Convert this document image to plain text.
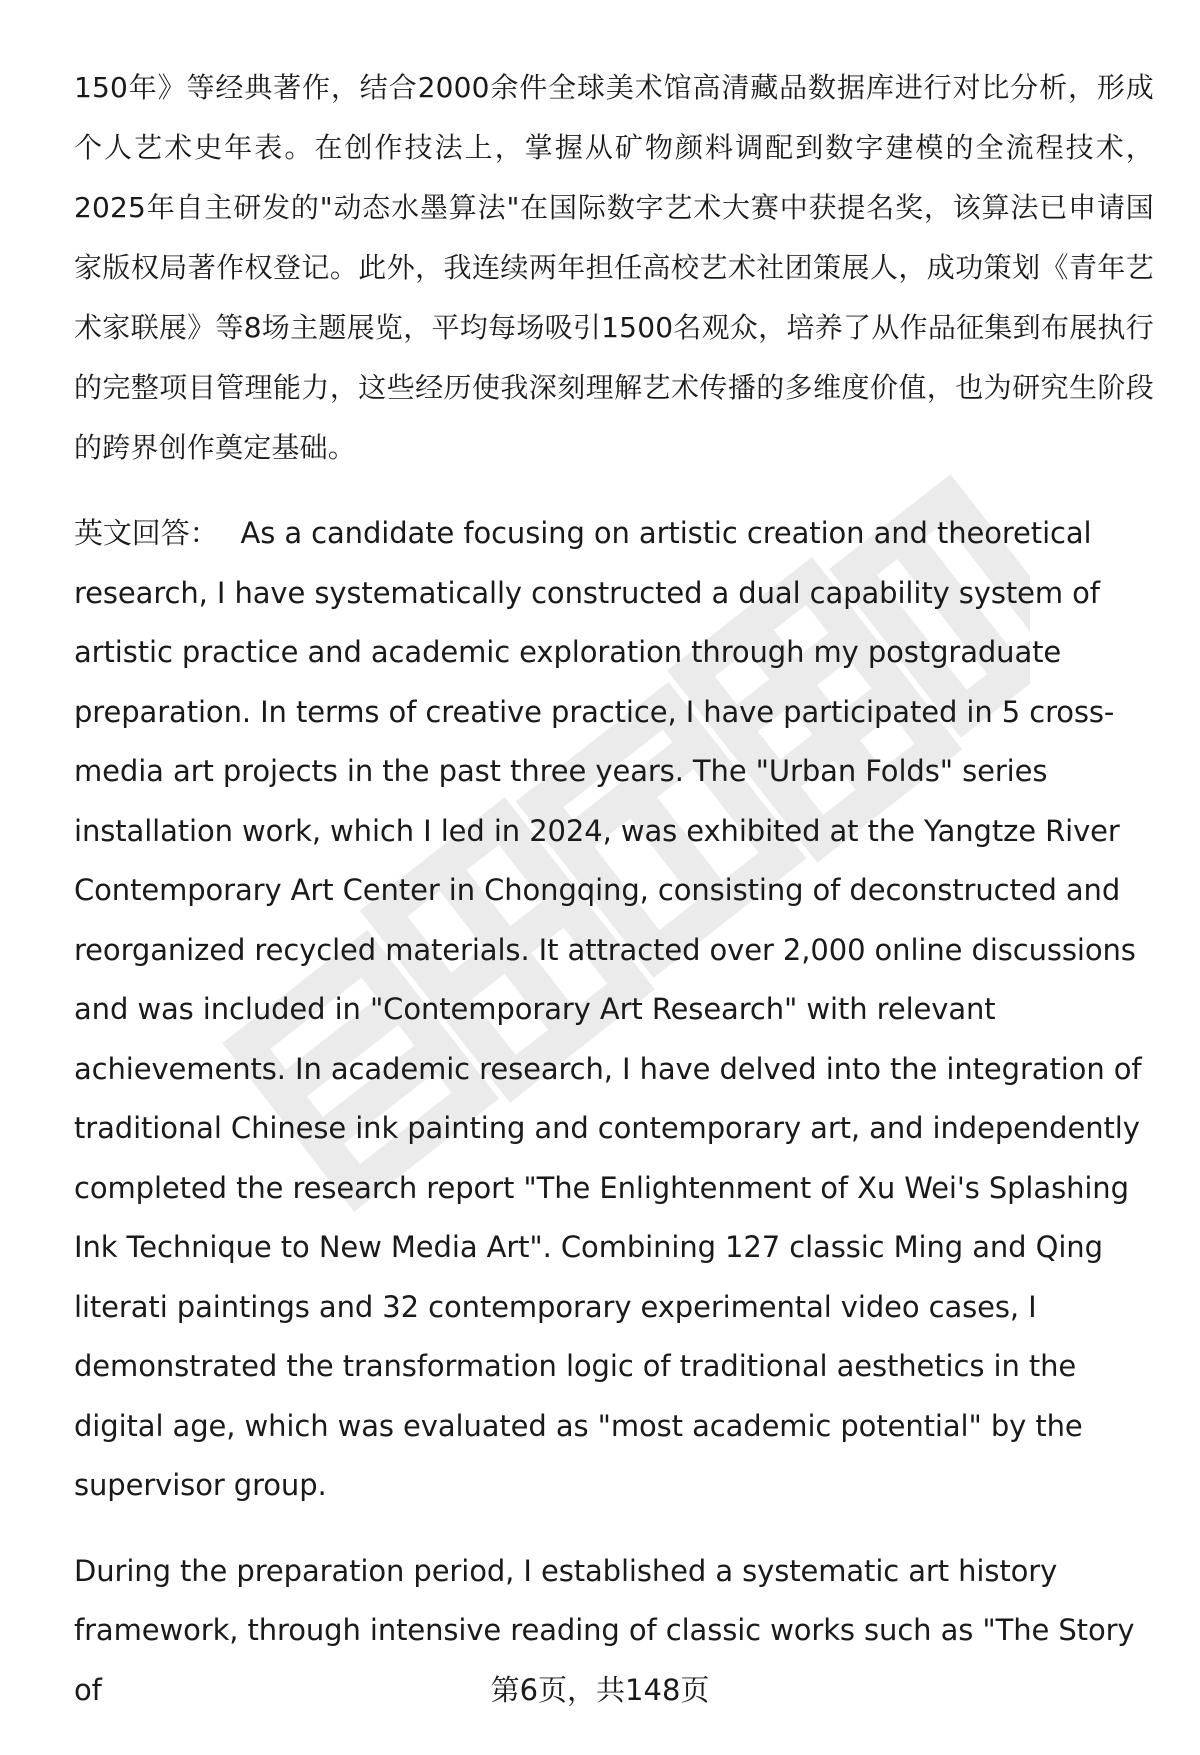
150年》等经典著作，结合2000余件全球美术馆高清藏品数据库进行对比分析，形成个人艺术史年表。在创作技法上，掌握从矿物颜料调配到数字建模的全流程技术，2025年自主研发的"动态水墨算法"在国际数字艺术大赛中获提名奖，该算法已申请国家版权局著作权登记。此外，我连续两年担任高校艺术社团策展人，成功策划《青年艺术家联展》等8场主题展览，平均每场吸引1500名观众，培养了从作品征集到布展执行的完整项目管理能力，这些经历使我深刻理解艺术传播的多维度价值，也为研究生阶段的跨界创作奠定基础。

英文回答： As a candidate focusing on artistic creation and theoretical research, I have systematically constructed a dual capability system of artistic practice and academic exploration through my postgraduate preparation. In terms of creative practice, I have participated in 5 cross-media art projects in the past three years. The "Urban Folds" series installation work, which I led in 2024, was exhibited at the Yangtze River Contemporary Art Center in Chongqing, consisting of deconstructed and reorganized recycled materials. It attracted over 2,000 online discussions and was included in "Contemporary Art Research" with relevant achievements. In academic research, I have delved into the integration of traditional Chinese ink painting and contemporary art, and independently completed the research report "The Enlightenment of Xu Wei's Splashing Ink Technique to New Media Art". Combining 127 classic Ming and Qing literati paintings and 32 contemporary experimental video cases, I demonstrated the transformation logic of traditional aesthetics in the digital age, which was evaluated as "most academic potential" by the supervisor group.

During the preparation period, I established a systematic art history framework, through intensive reading of classic works such as "The Story of	第6页，共148页
